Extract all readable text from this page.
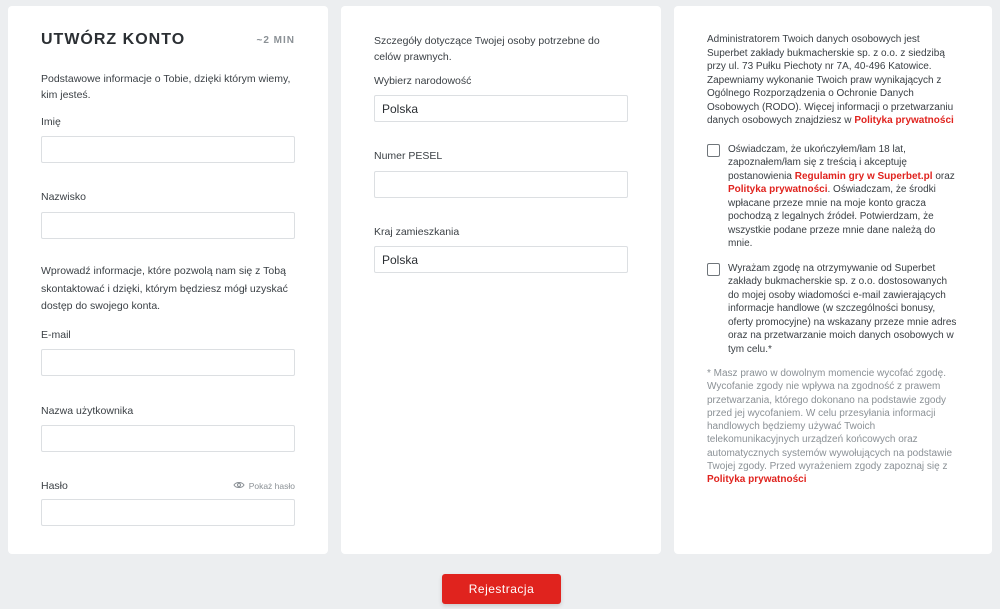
UTWÓRZ KONTO	~2 MIN
Podstawowe informacje o Tobie, dzięki którym wiemy, kim jesteś.
Imię
Nazwisko
Wprowadź informacje, które pozwolą nam się z Tobą skontaktować i dzięki, którym będziesz mógł uzyskać dostęp do swojego konta.
E-mail
Nazwa użytkownika
Hasło	Pokaż hasło
Szczegóły dotyczące Twojej osoby potrzebne do celów prawnych.
Wybierz narodowość
Polska
Numer PESEL
Kraj zamieszkania
Polska
Administratorem Twoich danych osobowych jest Superbet zakłady bukmacherskie sp. z o.o. z siedzibą przy ul. 73 Pułku Piechoty nr 7A, 40-496 Katowice. Zapewniamy wykonanie Twoich praw wynikających z Ogólnego Rozporządzenia o Ochronie Danych Osobowych (RODO). Więcej informacji o przetwarzaniu danych osobowych znajdziesz w Polityka prywatności
Oświadczam, że ukończyłem/łam 18 lat, zapoznałem/łam się z treścią i akceptuję postanowienia Regulamin gry w Superbet.pl oraz Polityka prywatności. Oświadczam, że środki wpłacane przeze mnie na moje konto gracza pochodzą z legalnych źródeł. Potwierdzam, że wszystkie podane przeze mnie dane należą do mnie.
Wyrażam zgodę na otrzymywanie od Superbet zakłady bukmacherskie sp. z o.o. dostosowanych do mojej osoby wiadomości e-mail zawierających informacje handlowe (w szczególności bonusy, oferty promocyjne) na wskazany przeze mnie adres oraz na przetwarzanie moich danych osobowych w tym celu.*
* Masz prawo w dowolnym momencie wycofać zgodę. Wycofanie zgody nie wpływa na zgodność z prawem przetwarzania, którego dokonano na podstawie zgody przed jej wycofaniem. W celu przesyłania informacji handlowych będziemy używać Twoich telekomunikacyjnych urządzeń końcowych oraz automatycznych systemów wywołujących na podstawie Twojej zgody. Przed wyrażeniem zgody zapoznaj się z Polityka prywatności
Rejestracja
